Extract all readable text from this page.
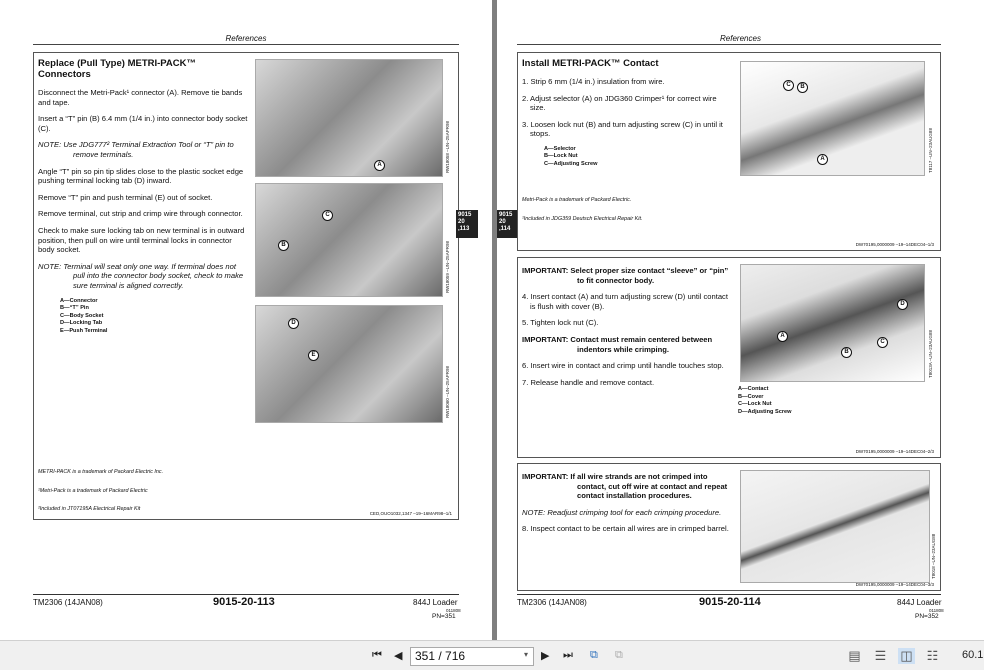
References
Replace (Pull Type) METRI-PACK™ Connectors

Disconnect the Metri-Pack¹ connector (A). Remove tie bands and tape.

Insert a “T” pin (B) 6.4 mm (1/4 in.) into connector body socket (C).

NOTE: Use JDG777² Terminal Extraction Tool or “T” pin to remove terminals.

Angle “T” pin so pin tip slides close to the plastic socket edge pushing terminal locking tab (D) inward.

Remove “T” pin and push terminal (E) out of socket.

Remove terminal, cut strip and crimp wire through connector.

Check to make sure locking tab on new terminal is in outward position, then pull on wire until terminal locks in connector body socket.

NOTE: Terminal will seat only one way. If terminal does not pull into the connector body socket, check to make sure terminal is aligned correctly.

A—Connector
B—“T” Pin
C—Body Socket
D—Locking Tab
E—Push Terminal
A	RW18058 –UN–25APR98
C
B	RW18059 –UN–25APR98
D
E
RW18060 –UN–25APR98
METRI-PACK is a trademark of Packard Electric Inc.
¹Metri-Pack is a trademark of Packard Electric
²Included in JT07195A Electrical Repair Kit
CED,OUO1032,1347 –19–16MAR98–1/1
9015
20
,113
TM2306 (14JAN08)	9015-20-113	844J Loader
011808
PN=351
References
9015
20
,114
Install METRI-PACK™ Contact

1. Strip 6 mm (1/4 in.) insulation from wire.

2. Adjust selector (A) on JDG360 Crimper¹ for correct wire size.

3. Loosen lock nut (B) and turn adjusting screw (C) in until it stops.

A—Selector
B—Lock Nut
C—Adjusting Screw
Metri-Pack is a trademark of Packard Electric.
¹Included in JDG359 Deutsch Electrical Repair Kit.
C	B
A	T8117 –UN–23AUG88
DW70195,0000009 –19–14DEC04–1/3

IMPORTANT: Select proper size contact “sleeve” or “pin” to fit connector body.

4. Insert contact (A) and turn adjusting screw (D) until contact is flush with cover (B).

5. Tighten lock nut (C).

IMPORTANT: Contact must remain centered between indentors while crimping.

6. Insert wire in contact and crimp until handle touches stop.

7. Release handle and remove contact.

D
A
B
C	T8013A –UN–23AUG88
A—Contact
B—Cover
C—Lock Nut
D—Adjusting Screw
DW70195,0000009 –19–14DEC04–2/3

IMPORTANT: If all wire strands are not crimped into contact, cut off wire at contact and repeat contact installation procedures.

NOTE: Readjust crimping tool for each crimping procedure.

8. Inspect contact to be certain all wires are in crimped barrel.

T8018 –UN–23AUG88
DW70195,0000009 –19–14DEC04–3/3
TM2306 (14JAN08)	9015-20-114	844J Loader
011808
PN=352
⏮ ◀	351 / 716	▾ ▶ ⏭ ⧉ ⧉	▤ ☰ ◫ ☷ 60.1
